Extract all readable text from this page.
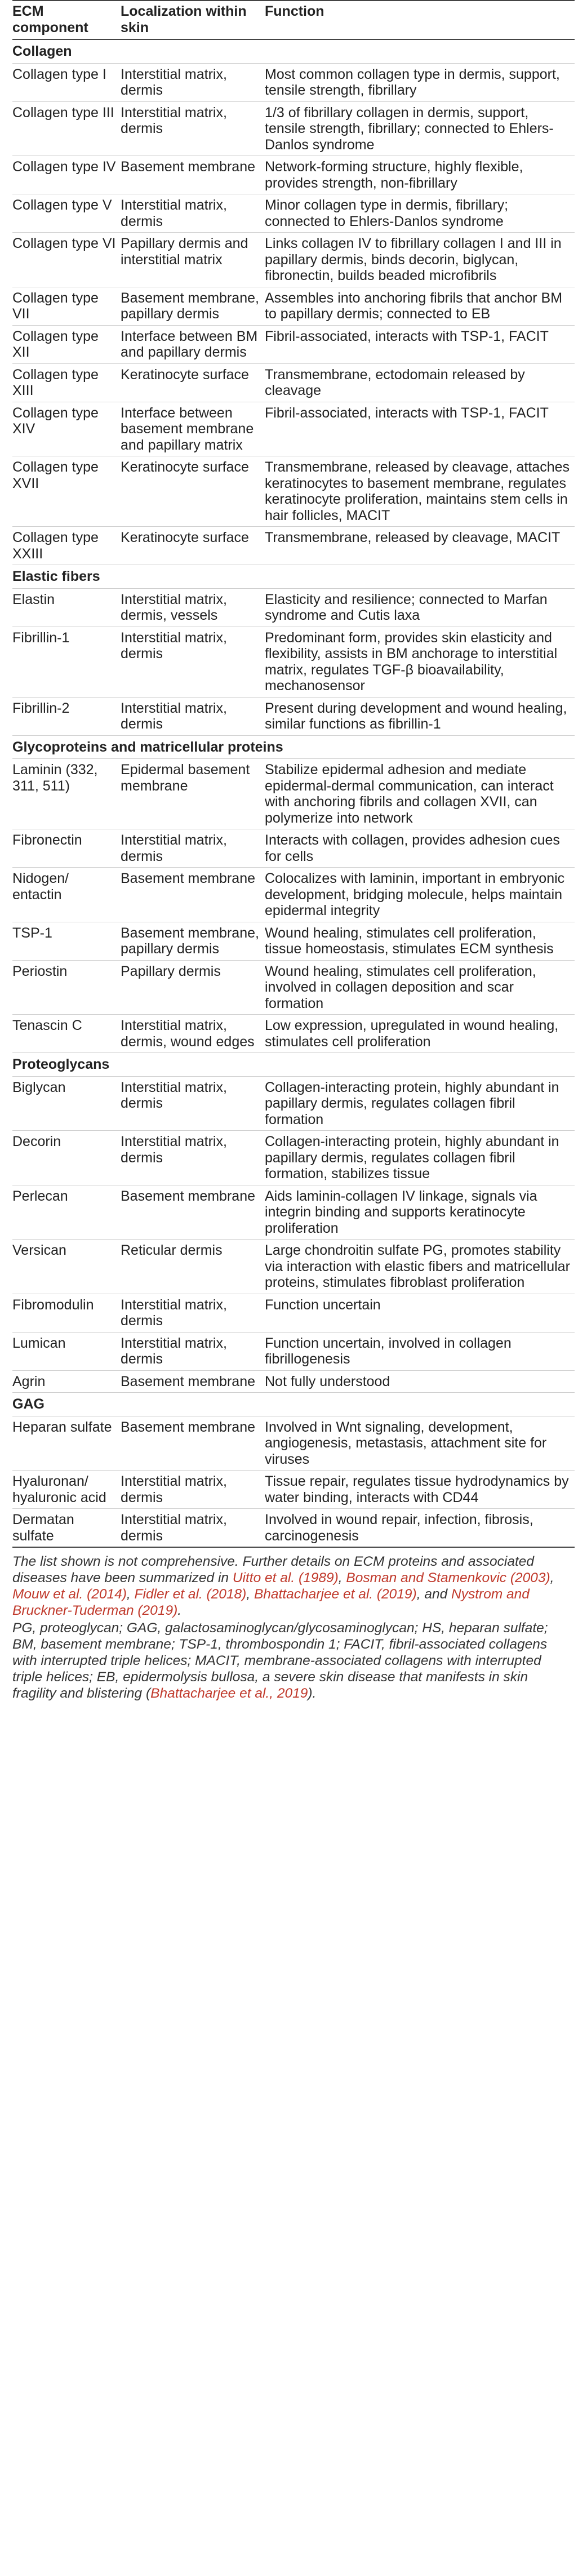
ECM component	Localization within skin	Function
Collagen		
Collagen type I	Interstitial matrix, dermis	Most common collagen type in dermis, support, tensile strength, fibrillary
Collagen type III	Interstitial matrix, dermis	1/3 of fibrillary collagen in dermis, support, tensile strength, fibrillary; connected to Ehlers-Danlos syndrome
Collagen type IV	Basement membrane	Network-forming structure, highly flexible, provides strength, non-fibrillary
Collagen type V	Interstitial matrix, dermis	Minor collagen type in dermis, fibrillary; connected to Ehlers-Danlos syndrome
Collagen type VI	Papillary dermis and interstitial matrix	Links collagen IV to fibrillary collagen I and III in papillary dermis, binds decorin, biglycan, fibronectin, builds beaded microfibrils
Collagen type VII	Basement membrane, papillary dermis	Assembles into anchoring fibrils that anchor BM to papillary dermis; connected to EB
Collagen type XII	Interface between BM and papillary dermis	Fibril-associated, interacts with TSP-1, FACIT
Collagen type XIII	Keratinocyte surface	Transmembrane, ectodomain released by cleavage
Collagen type XIV	Interface between basement membrane and papillary matrix	Fibril-associated, interacts with TSP-1, FACIT
Collagen type XVII	Keratinocyte surface	Transmembrane, released by cleavage, attaches keratinocytes to basement membrane, regulates keratinocyte proliferation, maintains stem cells in hair follicles, MACIT
Collagen type XXIII	Keratinocyte surface	Transmembrane, released by cleavage, MACIT
Elastic fibers		
Elastin	Interstitial matrix, dermis, vessels	Elasticity and resilience; connected to Marfan syndrome and Cutis laxa
Fibrillin-1	Interstitial matrix, dermis	Predominant form, provides skin elasticity and flexibility, assists in BM anchorage to interstitial matrix, regulates TGF-β bioavailability, mechanosensor
Fibrillin-2	Interstitial matrix, dermis	Present during development and wound healing, similar functions as fibrillin-1
Glycoproteins and matricellular proteins		
Laminin (332, 311, 511)	Epidermal basement membrane	Stabilize epidermal adhesion and mediate epidermal-dermal communication, can interact with anchoring fibrils and collagen XVII, can polymerize into network
Fibronectin	Interstitial matrix, dermis	Interacts with collagen, provides adhesion cues for cells
Nidogen/ entactin	Basement membrane	Colocalizes with laminin, important in embryonic development, bridging molecule, helps maintain epidermal integrity
TSP-1	Basement membrane, papillary dermis	Wound healing, stimulates cell proliferation, tissue homeostasis, stimulates ECM synthesis
Periostin	Papillary dermis	Wound healing, stimulates cell proliferation, involved in collagen deposition and scar formation
Tenascin C	Interstitial matrix, dermis, wound edges	Low expression, upregulated in wound healing, stimulates cell proliferation
Proteoglycans		
Biglycan	Interstitial matrix, dermis	Collagen-interacting protein, highly abundant in papillary dermis, regulates collagen fibril formation
Decorin	Interstitial matrix, dermis	Collagen-interacting protein, highly abundant in papillary dermis, regulates collagen fibril formation, stabilizes tissue
Perlecan	Basement membrane	Aids laminin-collagen IV linkage, signals via integrin binding and supports keratinocyte proliferation
Versican	Reticular dermis	Large chondroitin sulfate PG, promotes stability via interaction with elastic fibers and matricellular proteins, stimulates fibroblast proliferation
Fibromodulin	Interstitial matrix, dermis	Function uncertain
Lumican	Interstitial matrix, dermis	Function uncertain, involved in collagen fibrillogenesis
Agrin	Basement membrane	Not fully understood
GAG		
Heparan sulfate	Basement membrane	Involved in Wnt signaling, development, angiogenesis, metastasis, attachment site for viruses
Hyaluronan/ hyaluronic acid	Interstitial matrix, dermis	Tissue repair, regulates tissue hydrodynamics by water binding, interacts with CD44
Dermatan sulfate	Interstitial matrix, dermis	Involved in wound repair, infection, fibrosis, carcinogenesis

The list shown is not comprehensive. Further details on ECM proteins and associated diseases have been summarized in Uitto et al. (1989), Bosman and Stamenkovic (2003), Mouw et al. (2014), Fidler et al. (2018), Bhattacharjee et al. (2019), and Nystrom and Bruckner-Tuderman (2019).

PG, proteoglycan; GAG, galactosaminoglycan/glycosaminoglycan; HS, heparan sulfate; BM, basement membrane; TSP-1, thrombospondin 1; FACIT, fibril-associated collagens with interrupted triple helices; MACIT, membrane-associated collagens with interrupted triple helices; EB, epidermolysis bullosa, a severe skin disease that manifests in skin fragility and blistering (Bhattacharjee et al., 2019).
